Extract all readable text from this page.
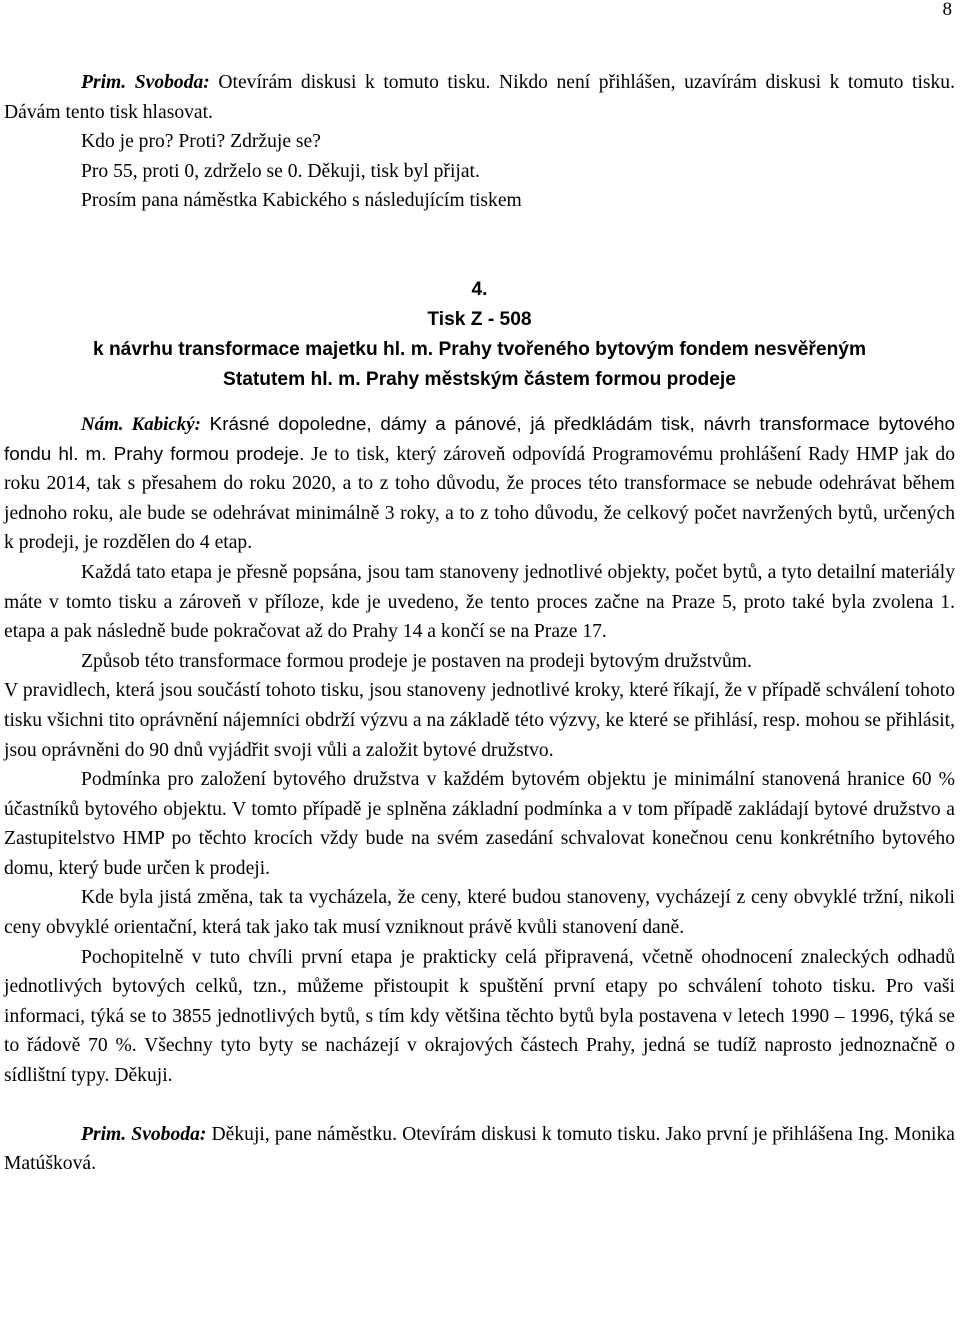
8

Prim. Svoboda: Otevírám diskusi k tomuto tisku. Nikdo není přihlášen, uzavírám diskusi k tomuto tisku. Dávám tento tisk hlasovat.

Kdo je pro? Proti? Zdržuje se?

Pro 55, proti 0, zdrželo se 0. Děkuji, tisk byl přijat.

Prosím pana náměstka Kabického s následujícím tiskem

4.
Tisk Z - 508
k návrhu transformace majetku hl. m. Prahy tvořeného bytovým fondem nesvěřeným
Statutem hl. m. Prahy městským částem formou prodeje

Nám. Kabický: Krásné dopoledne, dámy a pánové, já předkládám tisk, návrh transformace bytového fondu hl. m. Prahy formou prodeje. Je to tisk, který zároveň odpovídá Programovému prohlášení Rady HMP jak do roku 2014, tak s přesahem do roku 2020, a to z toho důvodu, že proces této transformace se nebude odehrávat během jednoho roku, ale bude se odehrávat minimálně 3 roky, a to z toho důvodu, že celkový počet navržených bytů, určených k prodeji, je rozdělen do 4 etap.

Každá tato etapa je přesně popsána, jsou tam stanoveny jednotlivé objekty, počet bytů, a tyto detailní materiály máte v tomto tisku a zároveň v příloze, kde je uvedeno, že tento proces začne na Praze 5, proto také byla zvolena 1. etapa a pak následně bude pokračovat až do Prahy 14 a končí se na Praze 17.

Způsob této transformace formou prodeje je postaven na prodeji bytovým družstvům.

V pravidlech, která jsou součástí tohoto tisku, jsou stanoveny jednotlivé kroky, které říkají, že v případě schválení tohoto tisku všichni tito oprávnění nájemníci obdrží výzvu a na základě této výzvy, ke které se přihlásí, resp. mohou se přihlásit, jsou oprávněni do 90 dnů vyjádřit svoji vůli a založit bytové družstvo.

Podmínka pro založení bytového družstva v každém bytovém objektu je minimální stanovená hranice 60 % účastníků bytového objektu. V tomto případě je splněna základní podmínka a v tom případě zakládají bytové družstvo a Zastupitelstvo HMP po těchto krocích vždy bude na svém zasedání schvalovat konečnou cenu konkrétního bytového domu, který bude určen k prodeji.

Kde byla jistá změna, tak ta vycházela, že ceny, které budou stanoveny, vycházejí z ceny obvyklé tržní, nikoli ceny obvyklé orientační, která tak jako tak musí vzniknout právě kvůli stanovení daně.

Pochopitelně v tuto chvíli první etapa je prakticky celá připravená, včetně ohodnocení znaleckých odhadů jednotlivých bytových celků, tzn., můžeme přistoupit k spuštění první etapy po schválení tohoto tisku. Pro vaši informaci, týká se to 3855 jednotlivých bytů, s tím kdy většina těchto bytů byla postavena v letech 1990 – 1996, týká se to řádově 70 %. Všechny tyto byty se nacházejí v okrajových částech Prahy, jedná se tudíž naprosto jednoznačně o sídlištní typy. Děkuji.

Prim. Svoboda: Děkuji, pane náměstku. Otevírám diskusi k tomuto tisku. Jako první je přihlášena Ing. Monika Matúšková.
